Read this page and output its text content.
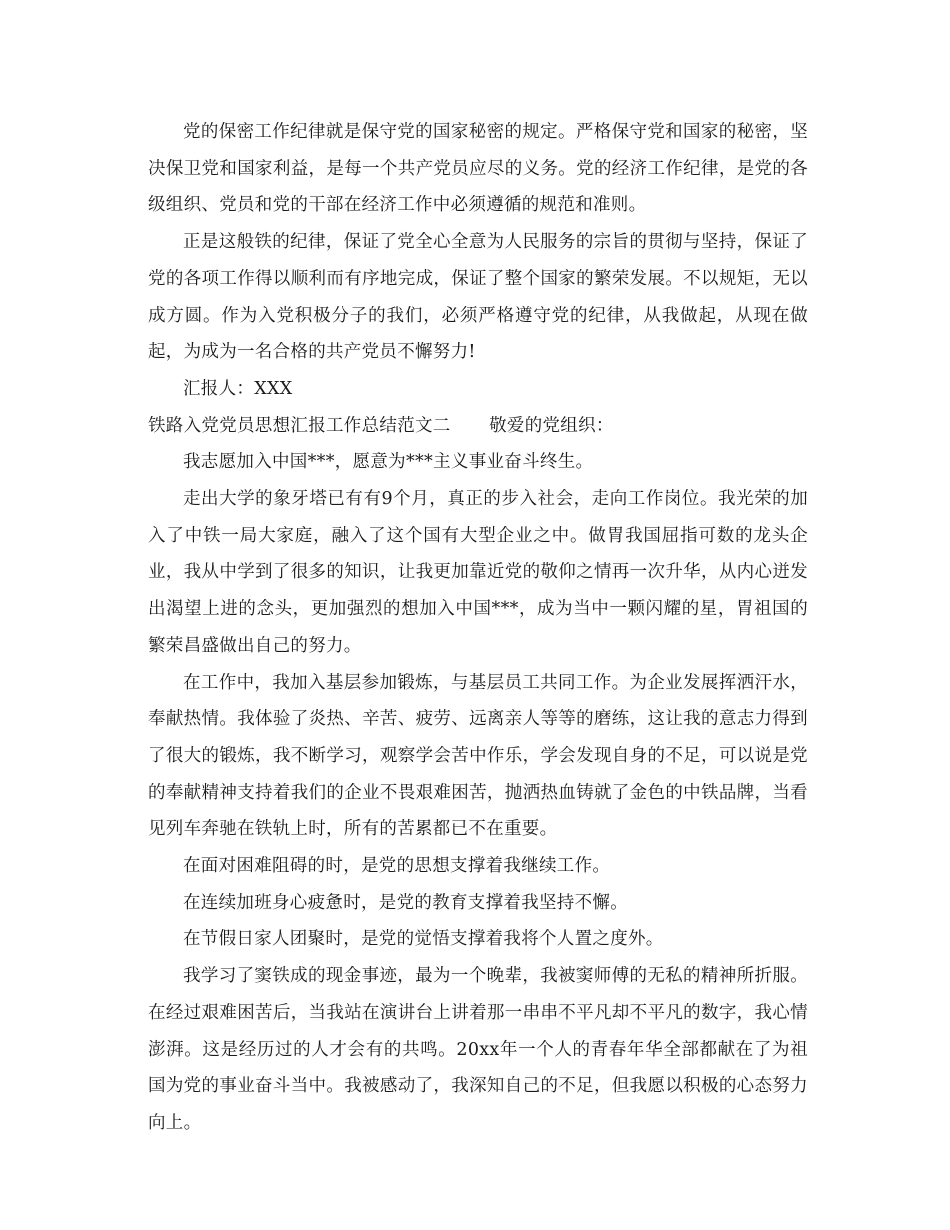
党的保密工作纪律就是保守党的国家秘密的规定。严格保守党和国家的秘密，坚决保卫党和国家利益，是每一个共产党员应尽的义务。党的经济工作纪律，是党的各级组织、党员和党的干部在经济工作中必须遵循的规范和准则。

正是这般铁的纪律，保证了党全心全意为人民服务的宗旨的贯彻与坚持，保证了党的各项工作得以顺利而有序地完成，保证了整个国家的繁荣发展。不以规矩，无以成方圆。作为入党积极分子的我们，必须严格遵守党的纪律，从我做起，从现在做起，为成为一名合格的共产党员不懈努力!

汇报人：XXX

铁路入党党员思想汇报工作总结范文二 敬爱的党组织：

我志愿加入中国***，愿意为***主义事业奋斗终生。

走出大学的象牙塔已有有9个月，真正的步入社会，走向工作岗位。我光荣的加入了中铁一局大家庭，融入了这个国有大型企业之中。做胃我国屈指可数的龙头企业，我从中学到了很多的知识，让我更加靠近党的敬仰之情再一次升华，从内心迸发出渴望上进的念头，更加强烈的想加入中国***，成为当中一颗闪耀的星，胃祖国的繁荣昌盛做出自己的努力。

在工作中，我加入基层参加锻炼，与基层员工共同工作。为企业发展挥洒汗水，奉献热情。我体验了炎热、辛苦、疲劳、远离亲人等等的磨练，这让我的意志力得到了很大的锻炼，我不断学习，观察学会苦中作乐，学会发现自身的不足，可以说是党的奉献精神支持着我们的企业不畏艰难困苦，抛洒热血铸就了金色的中铁品牌，当看见列车奔驰在铁轨上时，所有的苦累都已不在重要。

在面对困难阻碍的时，是党的思想支撑着我继续工作。

在连续加班身心疲惫时，是党的教育支撑着我坚持不懈。

在节假日家人团聚时，是党的觉悟支撑着我将个人置之度外。

我学习了窦铁成的现金事迹，最为一个晚辈，我被窦师傅的无私的精神所折服。在经过艰难困苦后，当我站在演讲台上讲着那一串串不平凡却不平凡的数字，我心情澎湃。这是经历过的人才会有的共鸣。20xx年一个人的青春年华全部都献在了为祖国为党的事业奋斗当中。我被感动了，我深知自己的不足，但我愿以积极的心态努力向上。
